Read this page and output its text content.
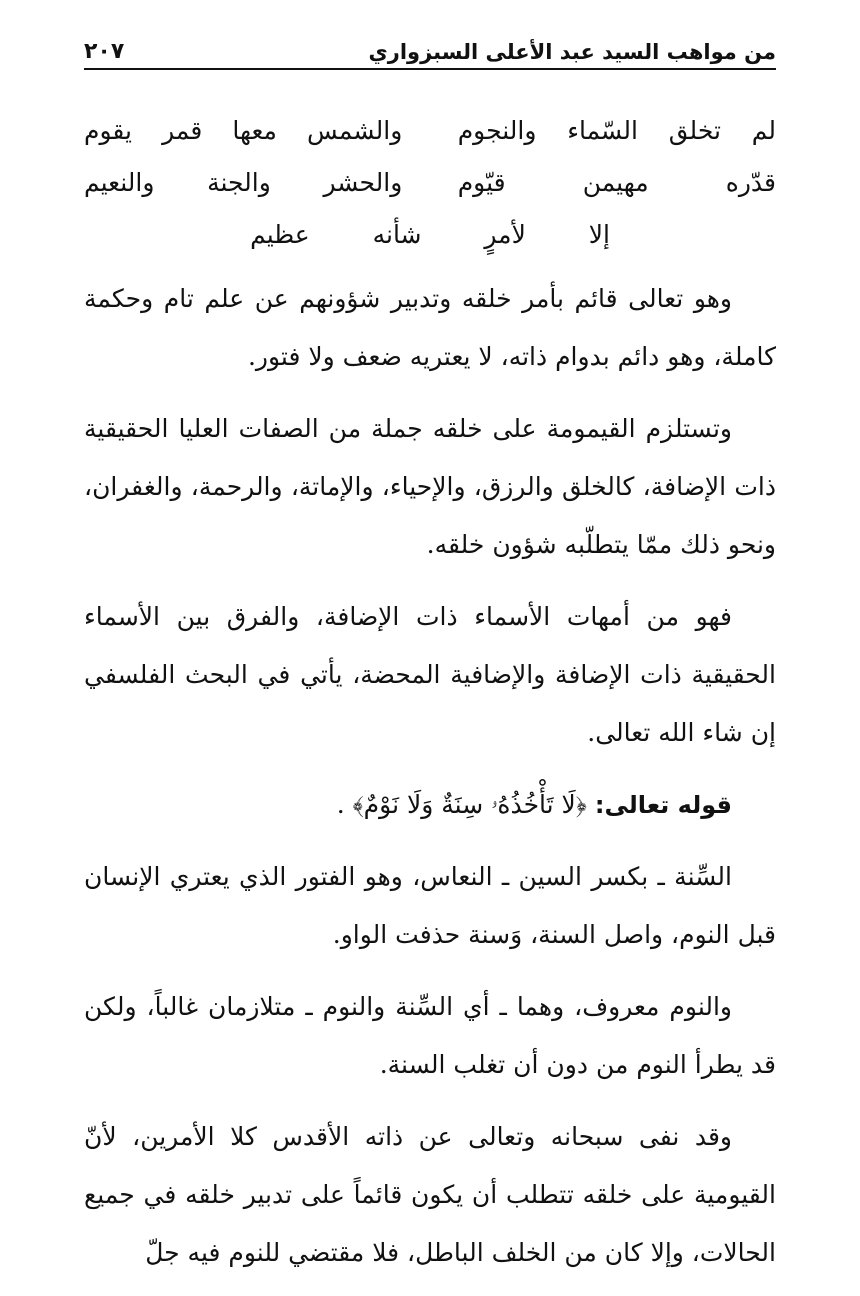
من مواهب السيد عبد الأعلى السبزواري
٢٠٧
لم تخلق السّماء والنجوم
والشمس معها قمر يقوم
قدّره مهيمن قيّوم
والحشر والجنة والنعيم
إلا لأمرٍ شأنه عظيم

وهو تعالى قائم بأمر خلقه وتدبير شؤونهم عن علم تام وحكمة كاملة، وهو دائم بدوام ذاته، لا يعتريه ضعف ولا فتور.

وتستلزم القيمومة على خلقه جملة من الصفات العليا الحقيقية ذات الإضافة، كالخلق والرزق، والإحياء، والإماتة، والرحمة، والغفران، ونحو ذلك ممّا يتطلّبه شؤون خلقه.

فهو من أمهات الأسماء ذات الإضافة، والفرق بين الأسماء الحقيقية ذات الإضافة والإضافية المحضة، يأتي في البحث الفلسفي إن شاء الله تعالى.

قوله تعالى: ﴿لَا تَأْخُذُهُۥ سِنَةٌ وَلَا نَوْمٌ﴾ .

السِّنة ـ بكسر السين ـ النعاس، وهو الفتور الذي يعتري الإنسان قبل النوم، واصل السنة، وَسنة حذفت الواو.

والنوم معروف، وهما ـ أي السِّنة والنوم ـ متلازمان غالباً، ولكن قد يطرأ النوم من دون أن تغلب السنة.

وقد نفى سبحانه وتعالى عن ذاته الأقدس كلا الأمرين، لأنّ القيومية على خلقه تتطلب أن يكون قائماً على تدبير خلقه في جميع الحالات، وإلا كان من الخلف الباطل، فلا مقتضي للنوم فيه جلّ
